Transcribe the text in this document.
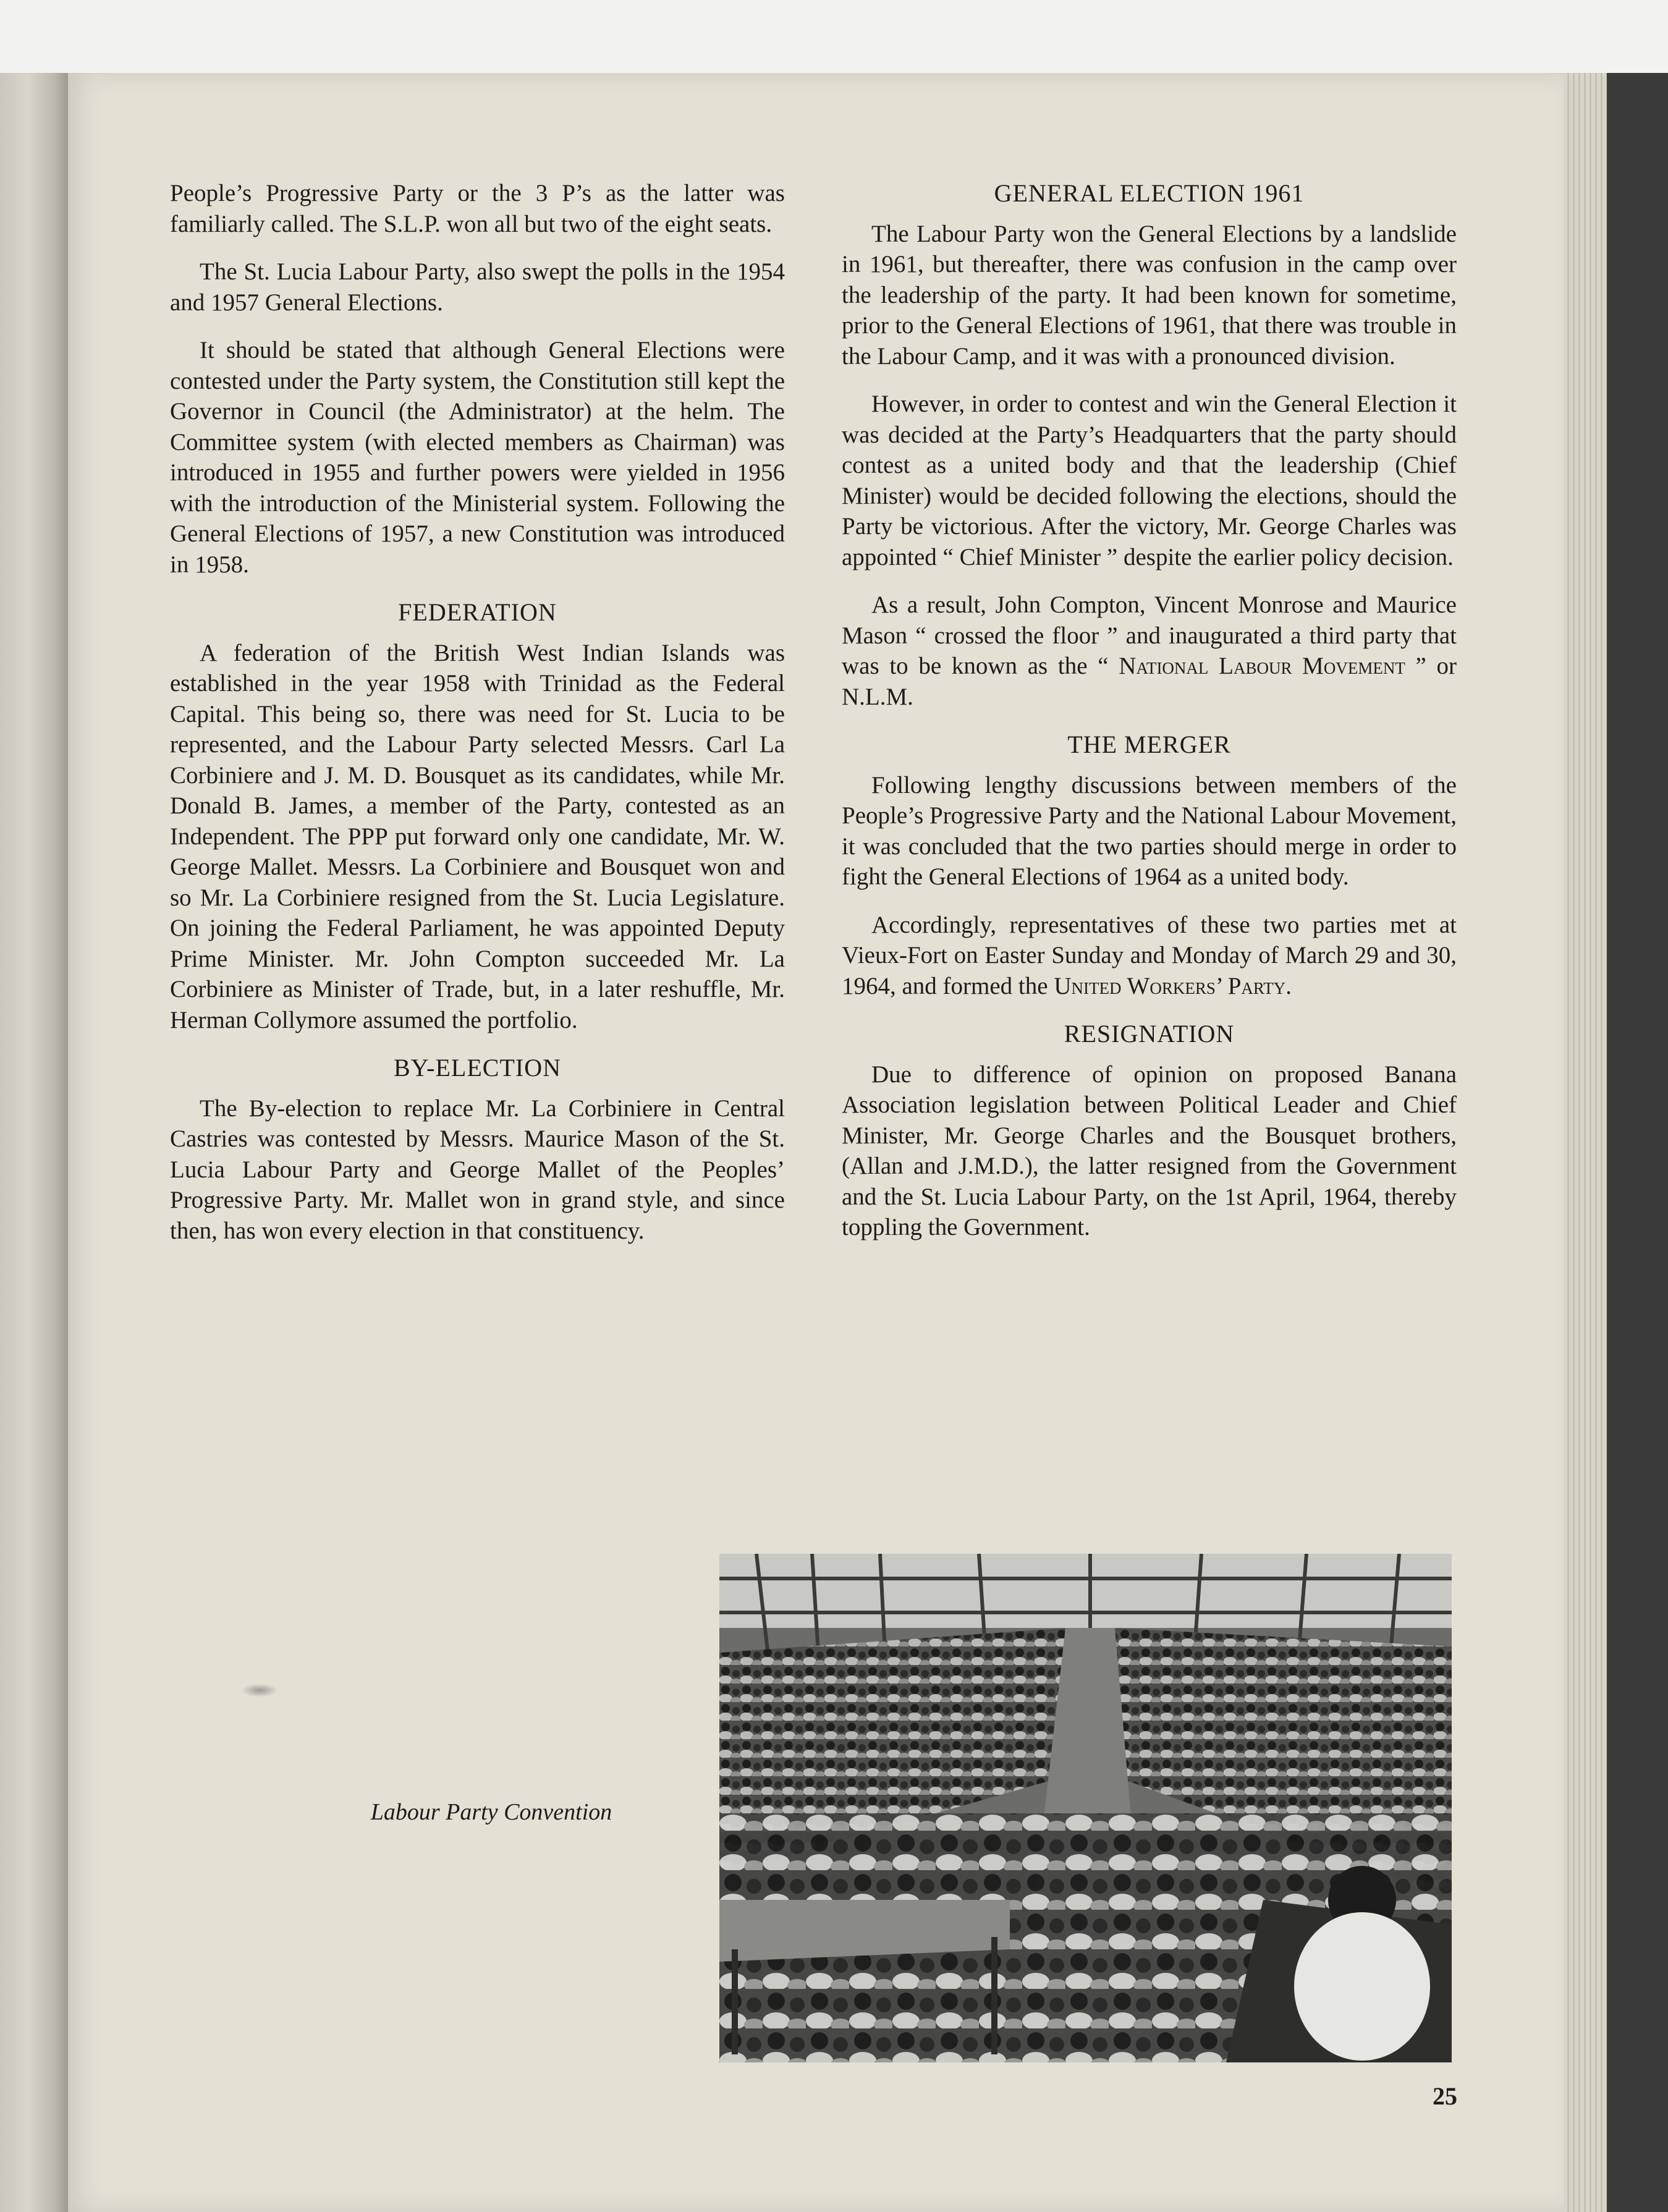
People’s Progressive Party or the 3 P’s as the latter was familiarly called. The S.L.P. won all but two of the eight seats.

The St. Lucia Labour Party, also swept the polls in the 1954 and 1957 General Elections.

It should be stated that although General Elections were contested under the Party system, the Constitution still kept the Governor in Council (the Administrator) at the helm. The Committee system (with elected members as Chairman) was introduced in 1955 and further powers were yielded in 1956 with the introduction of the Ministerial system. Following the General Elections of 1957, a new Constitution was introduced in 1958.

FEDERATION

A federation of the British West Indian Islands was established in the year 1958 with Trinidad as the Federal Capital. This being so, there was need for St. Lucia to be represented, and the Labour Party selected Messrs. Carl La Corbiniere and J. M. D. Bousquet as its candidates, while Mr. Donald B. James, a member of the Party, contested as an Independent. The PPP put forward only one candidate, Mr. W. George Mallet. Messrs. La Corbiniere and Bousquet won and so Mr. La Corbiniere resigned from the St. Lucia Legislature. On joining the Federal Parliament, he was appointed Deputy Prime Minister. Mr. John Compton succeeded Mr. La Corbiniere as Minister of Trade, but, in a later reshuffle, Mr. Herman Collymore assumed the portfolio.

BY-ELECTION

The By-election to replace Mr. La Corbiniere in Central Castries was contested by Messrs. Maurice Mason of the St. Lucia Labour Party and George Mallet of the Peoples’ Progressive Party. Mr. Mallet won in grand style, and since then, has won every election in that constituency.

GENERAL ELECTION 1961

The Labour Party won the General Elections by a landslide in 1961, but thereafter, there was confusion in the camp over the leadership of the party. It had been known for sometime, prior to the General Elections of 1961, that there was trouble in the Labour Camp, and it was with a pronounced division.

However, in order to contest and win the General Election it was decided at the Party’s Headquarters that the party should contest as a united body and that the leadership (Chief Minister) would be decided following the elections, should the Party be victorious. After the victory, Mr. George Charles was appointed “ Chief Minister ” despite the earlier policy decision.

As a result, John Compton, Vincent Monrose and Maurice Mason “ crossed the floor ” and inaugurated a third party that was to be known as the “ National Labour Movement ” or N.L.M.

THE MERGER

Following lengthy discussions between members of the People’s Progressive Party and the National Labour Movement, it was concluded that the two parties should merge in order to fight the General Elections of 1964 as a united body.

Accordingly, representatives of these two parties met at Vieux-Fort on Easter Sunday and Monday of March 29 and 30, 1964, and formed the United Workers’ Party.

RESIGNATION

Due to difference of opinion on proposed Banana Association legislation between Political Leader and Chief Minister, Mr. George Charles and the Bousquet brothers, (Allan and J.M.D.), the latter resigned from the Government and the St. Lucia Labour Party, on the 1st April, 1964, thereby toppling the Government.

Labour Party Convention
25
